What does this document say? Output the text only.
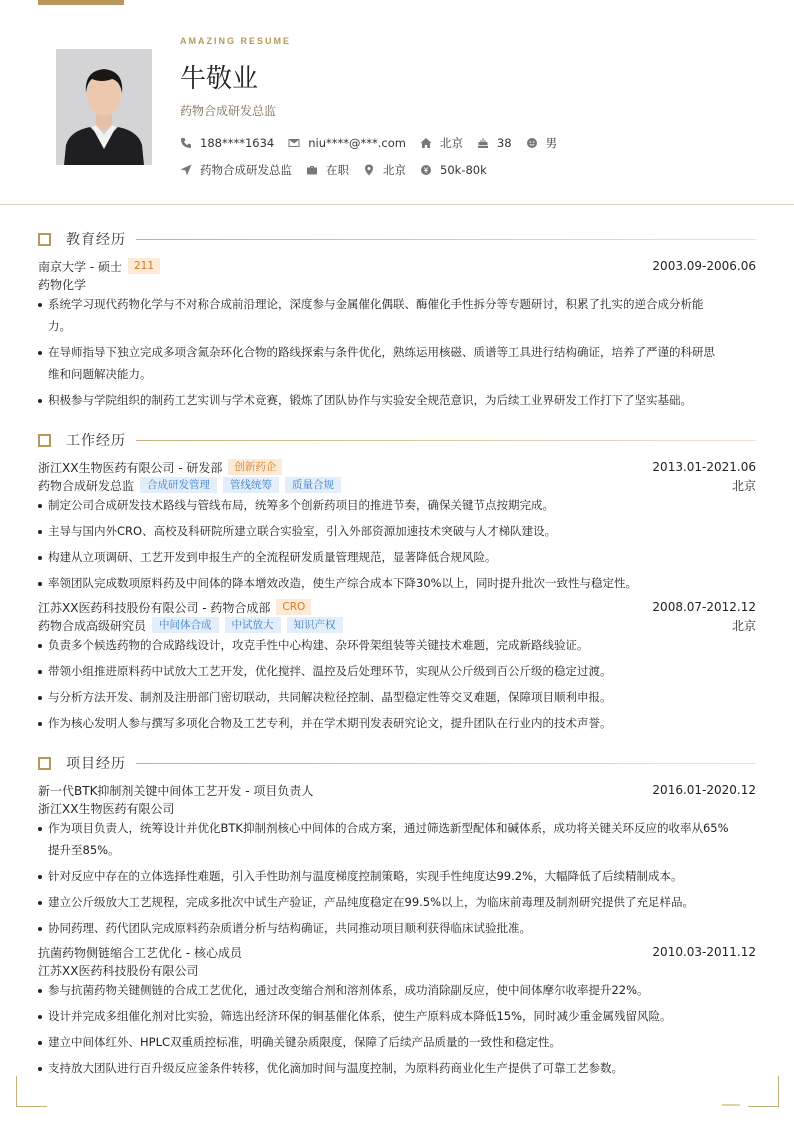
AMAZING RESUME
牛敬业
药物合成研发总监
188****1634	niu****@***.com	北京	38	男
药物合成研发总监	在职	北京	50k-80k
教育经历
南京大学 - 硕士	211	2003.09-2006.06
药物化学
系统学习现代药物化学与不对称合成前沿理论，深度参与金属催化偶联、酶催化手性拆分等专题研讨，积累了扎实的逆合成分析能
力。
在导师指导下独立完成多项含氮杂环化合物的路线探索与条件优化，熟练运用核磁、质谱等工具进行结构确证，培养了严谨的科研思
维和问题解决能力。
积极参与学院组织的制药工艺实训与学术竞赛，锻炼了团队协作与实验安全规范意识，为后续工业界研发工作打下了坚实基础。
工作经历
浙江XX生物医药有限公司 - 研发部	创新药企	2013.01-2021.06
药物合成研发总监	合成研发管理	管线统筹	质量合规	北京
制定公司合成研发技术路线与管线布局，统筹多个创新药项目的推进节奏，确保关键节点按期完成。
主导与国内外CRO、高校及科研院所建立联合实验室，引入外部资源加速技术突破与人才梯队建设。
构建从立项调研、工艺开发到申报生产的全流程研发质量管理规范，显著降低合规风险。
率领团队完成数项原料药及中间体的降本增效改造，使生产综合成本下降30%以上，同时提升批次一致性与稳定性。
江苏XX医药科技股份有限公司 - 药物合成部	CRO	2008.07-2012.12
药物合成高级研究员	中间体合成	中试放大	知识产权	北京
负责多个候选药物的合成路线设计，攻克手性中心构建、杂环骨架组装等关键技术难题，完成新路线验证。
带领小组推进原料药中试放大工艺开发，优化搅拌、温控及后处理环节，实现从公斤级到百公斤级的稳定过渡。
与分析方法开发、制剂及注册部门密切联动，共同解决粒径控制、晶型稳定性等交叉难题，保障项目顺利申报。
作为核心发明人参与撰写多项化合物及工艺专利，并在学术期刊发表研究论文，提升团队在行业内的技术声誉。
项目经历
新一代BTK抑制剂关键中间体工艺开发 - 项目负责人	2016.01-2020.12
浙江XX生物医药有限公司
作为项目负责人，统筹设计并优化BTK抑制剂核心中间体的合成方案，通过筛选新型配体和碱体系，成功将关键关环反应的收率从65%
提升至85%。
针对反应中存在的立体选择性难题，引入手性助剂与温度梯度控制策略，实现手性纯度达99.2%，大幅降低了后续精制成本。
建立公斤级放大工艺规程，完成多批次中试生产验证，产品纯度稳定在99.5%以上，为临床前毒理及制剂研究提供了充足样品。
协同药理、药代团队完成原料药杂质谱分析与结构确证，共同推动项目顺利获得临床试验批准。
抗菌药物侧链缩合工艺优化 - 核心成员	2010.03-2011.12
江苏XX医药科技股份有限公司
参与抗菌药物关键侧链的合成工艺优化，通过改变缩合剂和溶剂体系，成功消除副反应，使中间体摩尔收率提升22%。
设计并完成多组催化剂对比实验，筛选出经济环保的铜基催化体系，使生产原料成本降低15%，同时减少重金属残留风险。
建立中间体红外、HPLC双重质控标准，明确关键杂质限度，保障了后续产品质量的一致性和稳定性。
支持放大团队进行百升级反应釜条件转移，优化滴加时间与温度控制，为原料药商业化生产提供了可靠工艺参数。
